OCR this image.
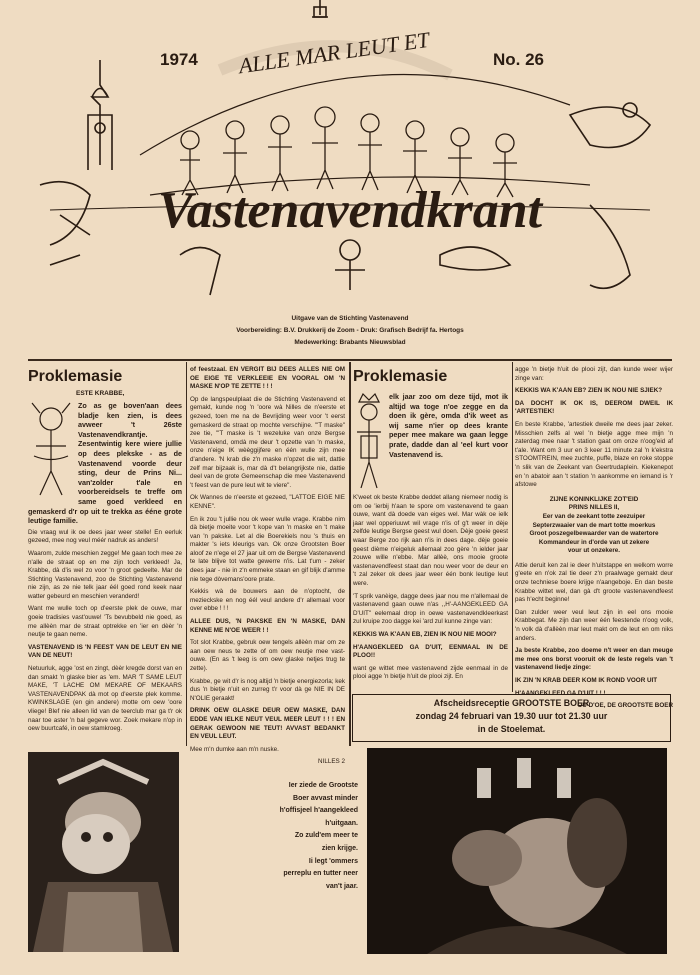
ALLE MAR LEUT ET
Vastenavendkrant
1974	No. 26
Uitgave van de Stichting Vastenavend
Voorbereiding: B.V. Drukkerij de Zoom - Druk: Grafisch Bedrijf fa. Hertogs
Medewerking: Brabants Nieuwsblad
Proklemasie
ESTE KRABBE,
Zo as ge boven'aan dees bladje ken zien, is dees avweer 't 26ste Vastenavendkrantje. Zesentwintig kere wiere jullie op dees plekske - as de Vastenavend voorde deur sting, deur de Prins Ni... van'zolder t'ale en voorbereidsels te treffe om same goed verkleed en gemaskerd d'r op uit te trekka as ééne grote leutige familie.

Die vraag wul ik oe dees jaar weer stelle! En eerluk gezeed, mee nog veul méér nadruk as anders!

Waarom, zulde meschien zegge! Me gaan toch mee ze n'alle de straat op en me zijn toch verkleed! Ja, Krabbe, dà d'is wel zo voor 'n groot gedeelte. Mar de Stichting Vastenavend, zoo de Stichting Vastenavend nie zijn, as ze nie telk jaar éél goed rond keek naar watter gebeurd en meschien veranderd!

Want me wulle toch op d'eerste plek de ouwe, mar goeie tradisies vast'ouwe! 'Ts bevubbeld nie goed, as me allèèn mar de straat optrekke en 'ier en dèèr 'n neutje te gaan neme.

VASTENAVEND IS 'N FEEST VAN DE LEUT EN NIE VAN DE NEUT!

Netuurluk, agge 'ost en zingt, dèèr kregde dorst van en dan smakt 'n glaske bier as 'em. MAR 'T SAME LEUT MAKE, 'T LACHE OM MEKARE OF MEKAARS VASTENAVENDPAK dà mot op d'eerste plek komme. KWINKSLAGE (en gin andere) motte om oew 'oore vliege! Blef nie alleen lid van de teerclub mar ga t'r ok naar toe aster 'n bal gegeve wor. Zoek mekare n'op in oew buurtcafé, in oew stamkroeg.

of feestzaal. EN VERGIT BIJ DEES ALLES NIE OM OE EIGE TE VERKLEEIE EN VOORAL OM 'N MASKE N'OP TE ZETTE ! ! !

Op de langspeulplaat die de Stichting Vastenavend et gemakt, kunde nog 'n 'oore wà Nilles de n'eerste et gezeed, toen me na de Bevrijding weer voor 't eerst gemaskerd de straat op mochte verschijne. "'T maske" zee tie, "'T maske is 't wezeluke van onze Bergse Vastenavend, omdà me deur 't opzette van 'n maske, onze n'eige IK wèèggijfere en één wulle zijn mee d'andere. 'N krab die z'n maske n'opzet die wit, dattie zelf mar bijzaak is, mar dà d't belangrijkste nie, dattie deel van de grote Gemeenschap die mee Vastenavend 't feest van de pure leut wit te viere".

Ok Wannes de n'eerste et gezeed, "LATTOE EIGE NIE KENNE".

En ik zou 't jullie nou ok weer wulle vrage. Krabbe nim dà bietje moeite voor 't kope van 'n maske en 't make van 'n pakske. Let al die Boerekiels nou 's thuis en makter 's iets kleurigs van. Ok onze Grootsten Boer aloof ze n'ege el 27 jaar uit om de Bergse Vastenavend te late blijve tot watte gewerre n'is. Lat t'um - zeker dees jaar - nie in z'n emmeke staan en gif blijk d'amme nie tege dòvemans'oore prate.

Kekkis wà de bouwers aan de n'optocht, de mezieckske en nog éél veul andere d'r allemaal voor over ebbe ! ! !

ALLEE DUS, 'N PAKSKE EN 'N MASKE, DAN KENNE ME N'OE WEER ! !

Tot slot Krabbe, gebruk oew tengels allèèn mar om ze aan oew neus te zette of om oew neutje mee vast-ouwe. (En as 't leeg is om oew glaske netjes trug te zette).

Krabbe, ge wit d'r is nog altijd 'n bietje energiezorla; kek dus 'n bietje n'uit en zurreg t'r voor dà ge NIE IN DE N'OLIE geraakt!

DRINK OEW GLASKE DEUR OEW MASKE, DAN EDDE VAN IELKE NEUT VEUL MEER LEUT ! ! ! EN GERAK GEWOON NIE TEUT! AVVAST BEDANKT EN VEUL LEUT.

Mee m'n dumke aan m'n nuske.

NILLES 2
Proklemasie
elk jaar zoo om deze tijd, mot ik altijd wa toge n'oe zegge en da doen ik gère, omda d'ik weet as wij same n'ier op dees krante peper mee makare wa gaan legge prate, dadde dan al 'eel kurt voor Vastenavend is.

K'weet ok beste Krabbe deddet allang niemeer nodig is om oe 'ierbij h'aan te spore om vastenavend te gaan ouwe, want dà doede van eiges wel. Mar wàk oe ielk jaar wel opperiuuwt wil vrage n'is of g't weer in dèje zelfde leutige Bergse geest wul doen. Dèje goeie geest waar Berge zoo rijk aan n'is in dees dage. dèje goeie geest dième n'eigeluk allemaal zoo gère 'n ielder jaar zouwe wille n'ebbe. Mar allèè, ons mooie groote vastenavendfeest staat dan nou weer voor de deur en 't zal zeker ok dees jaar weer één bonk leutige leut were.

'T sprik vanèige, dagge dees jaar nou me n'allemaal de vastenavend gaan ouwe n'as ,,H'-AANGEKLEED GA D'UIT" eelemaal drop in oewe vastenavendkleerkast zul kruipe zoo dagge kei 'ard zul kunne zinge van:

KEKKIS WA K'AAN EB, ZIEN IK NOU NIE MOOI?

H'AANGEKLEED GA D'UIT, EENMAAL IN DE PLOO!!

want ge wittet mee vastenavend zijde eenmaal in de plooi agge 'n bietje h'uit de plooi zijt. En

agge 'n bietje h'uit de plooi zijt, dan kunde weer wijer zinge van:

KEKKIS WA K'AAN EB? ZIEN IK NOU NIE SJIEK?

DA DOCHT IK OK IS, DEEROM DWEIL IK 'ARTESTIEK!

En beste Krabbe, 'artestiek dweile me dees jaar zeker. Misschien zelfs al wel 'n bietje agge mee mijn 'n zaterdag mee naar 't station gaat om onze n'oog'eid af t'ale. Want om 3 uur en 3 keer 11 minute zal 'n k'ekstra STOOMTREIN, mee zuchte, puffe, blaze en roke stoppe 'n slik van de Zeekant van Geertrudaplein. Kiekenepot en 'n abatoir aan 't station 'n aankomme en iemand is 'r afstowe

ZIJNE KONINKLIJKE ZOT'EID
PRINS NILLES II,
Eer van de zeekant totte zeezuiper
Septerzwaaier van de mart totte moerkus
Groot poszegelbewaarder van de watertore
Kommandeur in d'orde van ut zekere
vour ut onzekere.

Attie deruit ken zal ie deer h'uitstappe en welkom worre g'eete en n'ok zal tie deer z'n praalwage gemakt deur onze techniese boere krijge n'aangeboje. En dan beste Krabbe wittet wel, dan gà d't groote vastenavendfeest pas h'echt beginne!

Dan zulder weer veul leut zijn in eel ons mooie Krabbegat. Me zijn dan weer één feestende n'oog volk, 'n volk dà d'allèèn mar leut makt om de leut en om niks anders.

Ja beste Krabbe, zoo doeme n't weer en dan meuge me mee ons borst vooruit ok de leste regels van 't vastenavend liedje zinge:

IK ZIN 'N KRAB DEER KOM IK ROND VOOR UIT

H'AANGEKLEED GA D'UIT ! ! !

OU D'OE, DE GROOTSTE BOER
Afscheidsreceptie GROOTSTE BOER
zondag 24 februari van 19.30 uur tot 21.30 uur
in de Stoelemat.
Ier ziede de Grootste
Boer avvast minder
h'offisjeel h'aangekleed
h'uitgaan.
Zo zuld'em meer te
zien krijge.
Ii legt 'ommers
perreplu en tutter neer
van't jaar.
